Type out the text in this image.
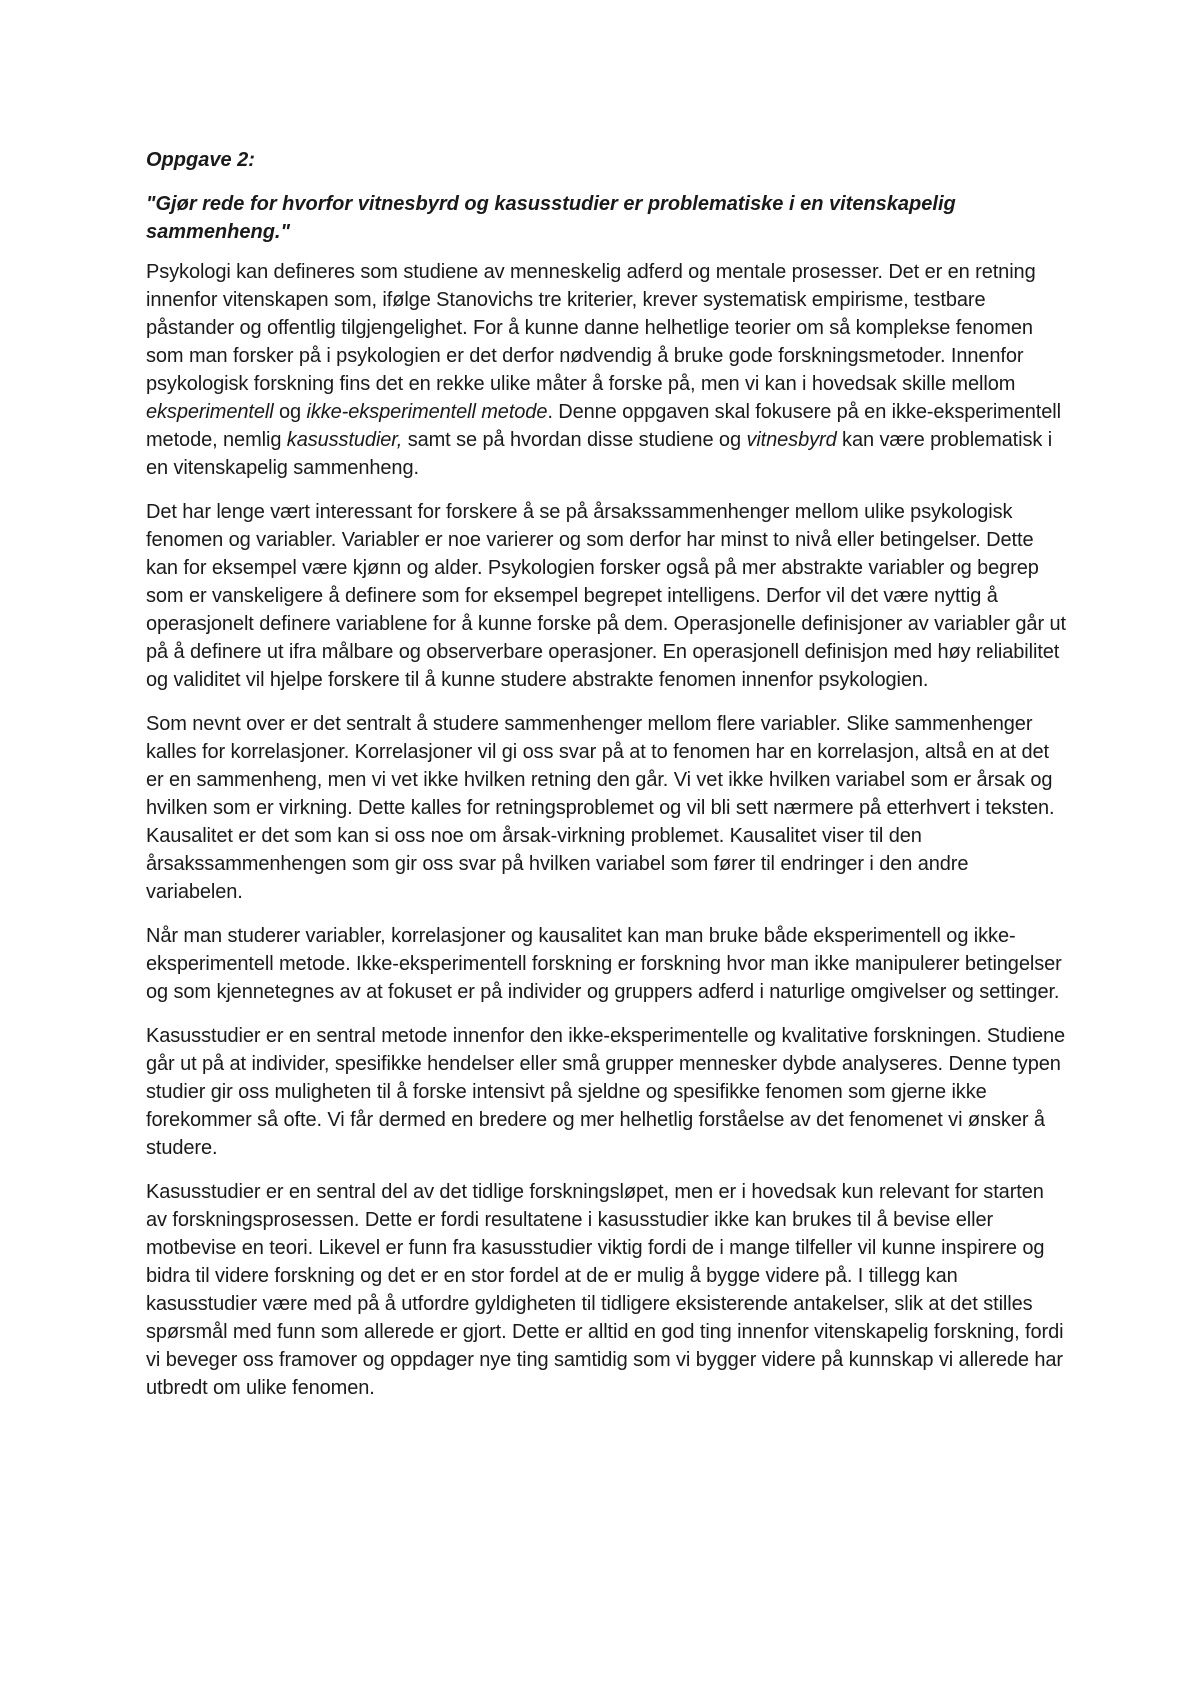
Oppgave 2:

"Gjør rede for hvorfor vitnesbyrd og kasusstudier er problematiske i en vitenskapelig sammenheng."

Psykologi kan defineres som studiene av menneskelig adferd og mentale prosesser. Det er en retning innenfor vitenskapen som, ifølge Stanovichs tre kriterier, krever systematisk empirisme, testbare påstander og offentlig tilgjengelighet. For å kunne danne helhetlige teorier om så komplekse fenomen som man forsker på i psykologien er det derfor nødvendig å bruke gode forskningsmetoder. Innenfor psykologisk forskning fins det en rekke ulike måter å forske på, men vi kan i hovedsak skille mellom eksperimentell og ikke-eksperimentell metode. Denne oppgaven skal fokusere på en ikke-eksperimentell metode, nemlig kasusstudier, samt se på hvordan disse studiene og vitnesbyrd kan være problematisk i en vitenskapelig sammenheng.

Det har lenge vært interessant for forskere å se på årsakssammenhenger mellom ulike psykologisk fenomen og variabler. Variabler er noe varierer og som derfor har minst to nivå eller betingelser. Dette kan for eksempel være kjønn og alder. Psykologien forsker også på mer abstrakte variabler og begrep som er vanskeligere å definere som for eksempel begrepet intelligens. Derfor vil det være nyttig å operasjonelt definere variablene for å kunne forske på dem. Operasjonelle definisjoner av variabler går ut på å definere ut ifra målbare og observerbare operasjoner. En operasjonell definisjon med høy reliabilitet og validitet vil hjelpe forskere til å kunne studere abstrakte fenomen innenfor psykologien.

Som nevnt over er det sentralt å studere sammenhenger mellom flere variabler. Slike sammenhenger kalles for korrelasjoner. Korrelasjoner vil gi oss svar på at to fenomen har en korrelasjon, altså en at det er en sammenheng, men vi vet ikke hvilken retning den går. Vi vet ikke hvilken variabel som er årsak og hvilken som er virkning. Dette kalles for retningsproblemet og vil bli sett nærmere på etterhvert i teksten. Kausalitet er det som kan si oss noe om årsak-virkning problemet. Kausalitet viser til den årsakssammenhengen som gir oss svar på hvilken variabel som fører til endringer i den andre variabelen.

Når man studerer variabler, korrelasjoner og kausalitet kan man bruke både eksperimentell og ikke-eksperimentell metode. Ikke-eksperimentell forskning er forskning hvor man ikke manipulerer betingelser og som kjennetegnes av at fokuset er på individer og gruppers adferd i naturlige omgivelser og settinger.

Kasusstudier er en sentral metode innenfor den ikke-eksperimentelle og kvalitative forskningen. Studiene går ut på at individer, spesifikke hendelser eller små grupper mennesker dybde analyseres. Denne typen studier gir oss muligheten til å forske intensivt på sjeldne og spesifikke fenomen som gjerne ikke forekommer så ofte. Vi får dermed en bredere og mer helhetlig forståelse av det fenomenet vi ønsker å studere.

Kasusstudier er en sentral del av det tidlige forskningsløpet, men er i hovedsak kun relevant for starten av forskningsprosessen. Dette er fordi resultatene i kasusstudier ikke kan brukes til å bevise eller motbevise en teori. Likevel er funn fra kasusstudier viktig fordi de i mange tilfeller vil kunne inspirere og bidra til videre forskning og det er en stor fordel at de er mulig å bygge videre på. I tillegg kan kasusstudier være med på å utfordre gyldigheten til tidligere eksisterende antakelser, slik at det stilles spørsmål med funn som allerede er gjort. Dette er alltid en god ting innenfor vitenskapelig forskning, fordi vi beveger oss framover og oppdager nye ting samtidig som vi bygger videre på kunnskap vi allerede har utbredt om ulike fenomen.
